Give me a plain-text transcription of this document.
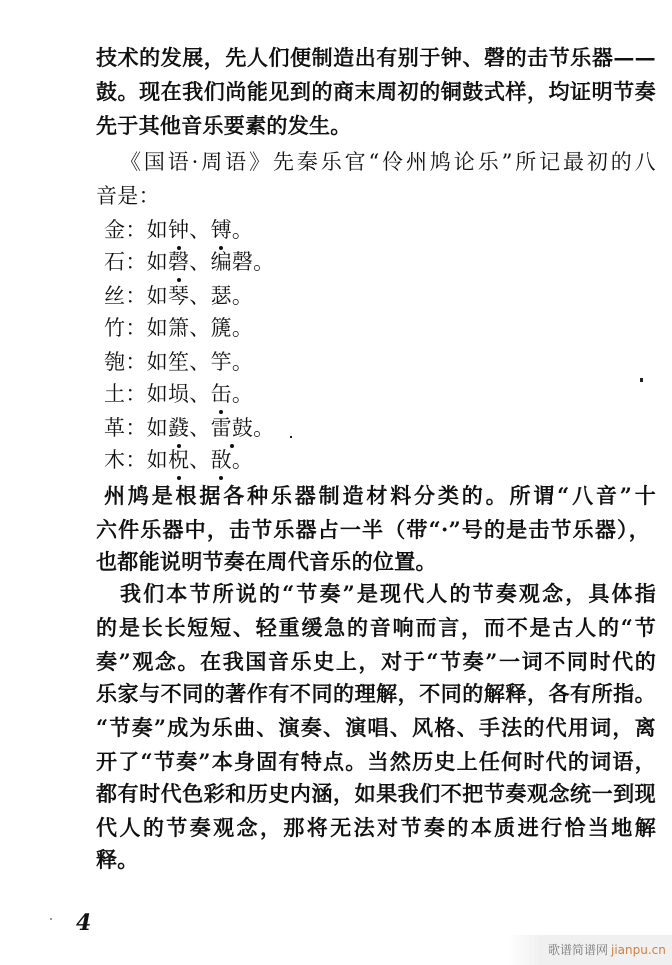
技术的发展，先人们便制造出有别于钟、磬的击节乐器——
鼓。现在我们尚能见到的商末周初的铜鼓式样，均证明节奏
先于其他音乐要素的发生。
《国语·周语》先秦乐官“伶州鸠论乐”所记最初的八
音是：
金：如钟、镈。
石：如磬、编磬。
丝：如琴、瑟。
竹：如箫、篪。
匏：如笙、竽。
土：如埙、缶。
革：如鼗、雷鼓。
木：如柷、敔。
州鸠是根据各种乐器制造材料分类的。所谓“八音”十
六件乐器中，击节乐器占一半（带“·”号的是击节乐器），
也都能说明节奏在周代音乐的位置。
我们本节所说的“节奏”是现代人的节奏观念，具体指
的是长长短短、轻重缓急的音响而言，而不是古人的“节
奏”观念。在我国音乐史上，对于“节奏”一词不同时代的
乐家与不同的著作有不同的理解，不同的解释，各有所指。
“节奏”成为乐曲、演奏、演唱、风格、手法的代用词，离
开了“节奏”本身固有特点。当然历史上任何时代的词语，
都有时代色彩和历史内涵，如果我们不把节奏观念统一到现
代人的节奏观念，那将无法对节奏的本质进行恰当地解
释。
4
歌谱简谱网 jianpu.cn
